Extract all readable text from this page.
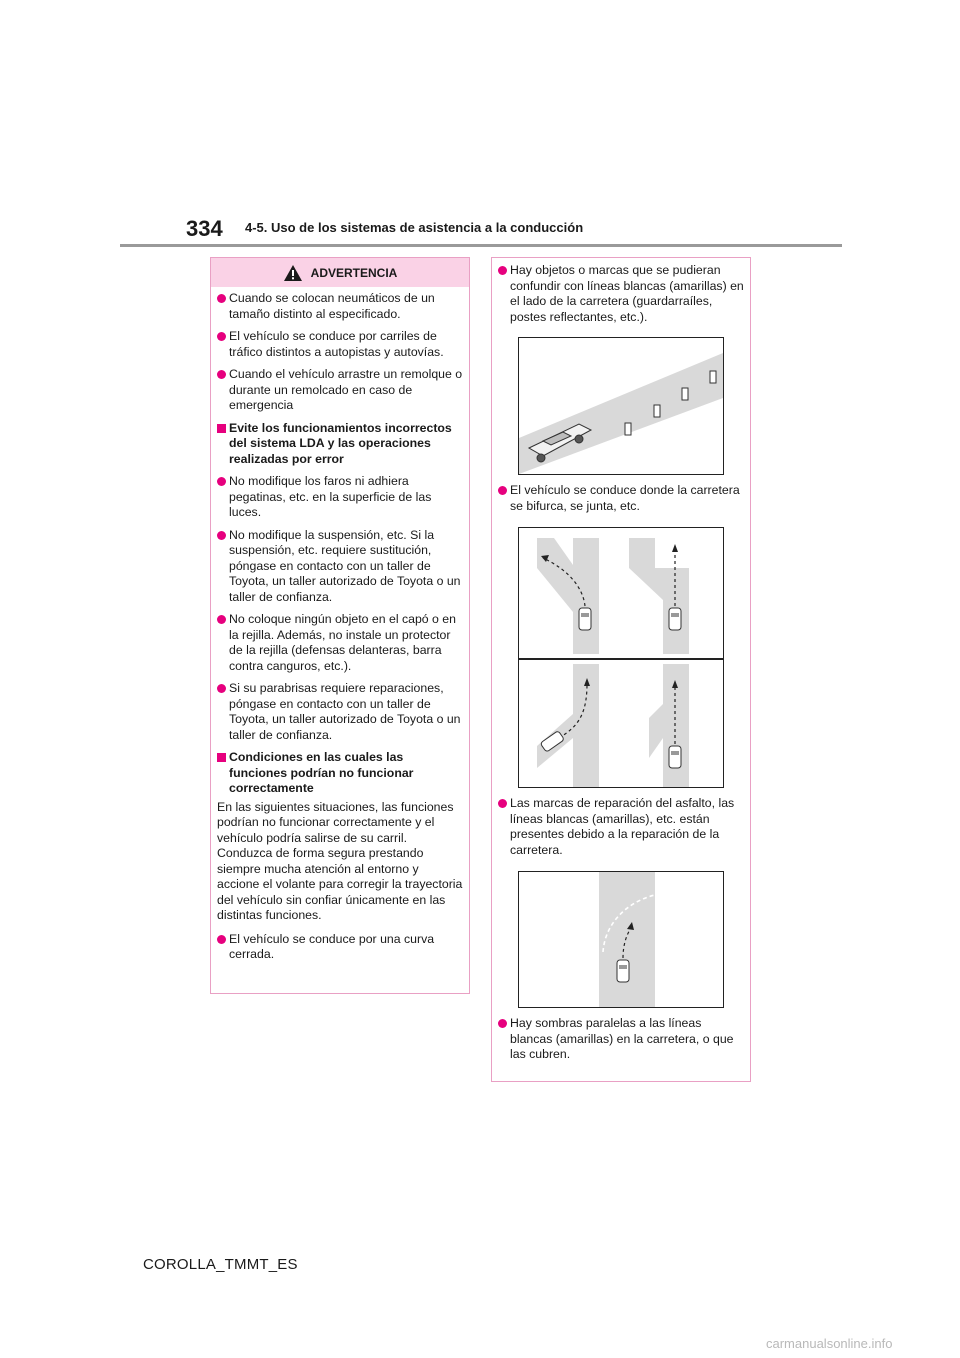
334 4-5. Uso de los sistemas de asistencia a la conducción
ADVERTENCIA
Cuando se colocan neumáticos de un tamaño distinto al especificado.
El vehículo se conduce por carriles de tráfico distintos a autopistas y autovías.
Cuando el vehículo arrastre un remolque o durante un remolcado en caso de emergencia
Evite los funcionamientos incorrectos del sistema LDA y las operaciones realizadas por error
No modifique los faros ni adhiera pegatinas, etc. en la superficie de las luces.
No modifique la suspensión, etc. Si la suspensión, etc. requiere sustitución, póngase en contacto con un taller de Toyota, un taller autorizado de Toyota o un taller de confianza.
No coloque ningún objeto en el capó o en la rejilla. Además, no instale un protector de la rejilla (defensas delanteras, barra contra canguros, etc.).
Si su parabrisas requiere reparaciones, póngase en contacto con un taller de Toyota, un taller autorizado de Toyota o un taller de confianza.
Condiciones en las cuales las funciones podrían no funcionar correctamente
En las siguientes situaciones, las funciones podrían no funcionar correctamente y el vehículo podría salirse de su carril. Conduzca de forma segura prestando siempre mucha atención al entorno y accione el volante para corregir la trayectoria del vehículo sin confiar únicamente en las distintas funciones.
El vehículo se conduce por una curva cerrada.
Hay objetos o marcas que se pudieran confundir con líneas blancas (amarillas) en el lado de la carretera (guardarraíles, postes reflectantes, etc.).
El vehículo se conduce donde la carretera se bifurca, se junta, etc.
Las marcas de reparación del asfalto, las líneas blancas (amarillas), etc. están presentes debido a la reparación de la carretera.
Hay sombras paralelas a las líneas blancas (amarillas) en la carretera, o que las cubren.
COROLLA_TMMT_ES
carmanualsonline.info
